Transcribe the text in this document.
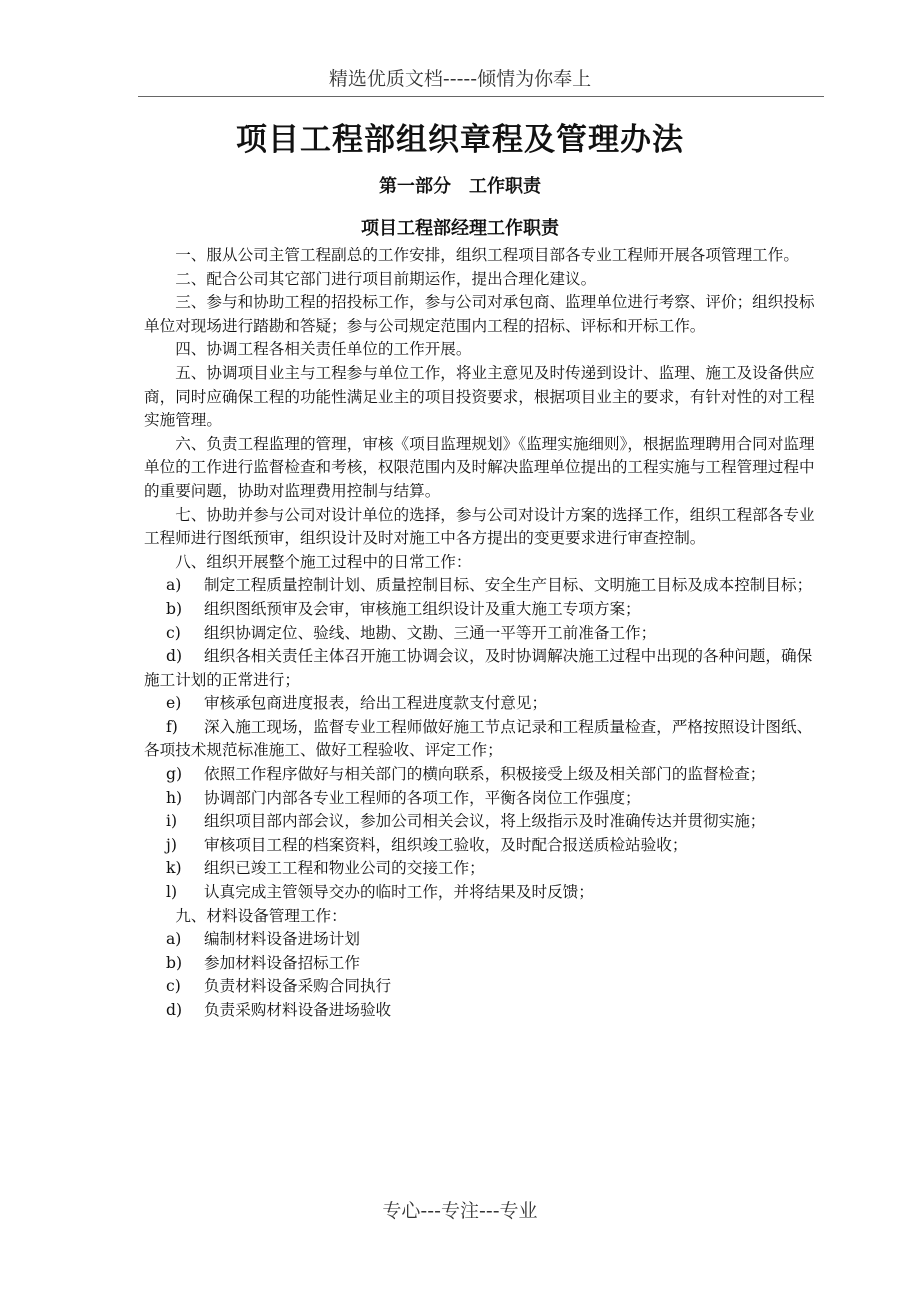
精选优质文档-----倾情为你奉上
项目工程部组织章程及管理办法
第一部分　工作职责
项目工程部经理工作职责

一、服从公司主管工程副总的工作安排，组织工程项目部各专业工程师开展各项管理工作。

二、配合公司其它部门进行项目前期运作，提出合理化建议。

三、参与和协助工程的招投标工作，参与公司对承包商、监理单位进行考察、评价；组织投标单位对现场进行踏勘和答疑；参与公司规定范围内工程的招标、评标和开标工作。

四、协调工程各相关责任单位的工作开展。

五、协调项目业主与工程参与单位工作，将业主意见及时传递到设计、监理、施工及设备供应商，同时应确保工程的功能性满足业主的项目投资要求，根据项目业主的要求，有针对性的对工程实施管理。

六、负责工程监理的管理，审核《项目监理规划》《监理实施细则》，根据监理聘用合同对监理单位的工作进行监督检查和考核，权限范围内及时解决监理单位提出的工程实施与工程管理过程中的重要问题，协助对监理费用控制与结算。

七、协助并参与公司对设计单位的选择，参与公司对设计方案的选择工作，组织工程部各专业工程师进行图纸预审，组织设计及时对施工中各方提出的变更要求进行审查控制。

八、组织开展整个施工过程中的日常工作：

a) 制定工程质量控制计划、质量控制目标、安全生产目标、文明施工目标及成本控制目标；
b) 组织图纸预审及会审，审核施工组织设计及重大施工专项方案；
c) 组织协调定位、验线、地勘、文勘、三通一平等开工前准备工作；
d) 组织各相关责任主体召开施工协调会议，及时协调解决施工过程中出现的各种问题，确保施工计划的正常进行；
e) 审核承包商进度报表，给出工程进度款支付意见；
f) 深入施工现场，监督专业工程师做好施工节点记录和工程质量检查，严格按照设计图纸、各项技术规范标准施工、做好工程验收、评定工作；
g) 依照工作程序做好与相关部门的横向联系，积极接受上级及相关部门的监督检查；
h) 协调部门内部各专业工程师的各项工作，平衡各岗位工作强度；
i) 组织项目部内部会议，参加公司相关会议，将上级指示及时准确传达并贯彻实施；
j) 审核项目工程的档案资料，组织竣工验收，及时配合报送质检站验收；
k) 组织已竣工工程和物业公司的交接工作；
l) 认真完成主管领导交办的临时工作，并将结果及时反馈；

九、材料设备管理工作：

a) 编制材料设备进场计划
b) 参加材料设备招标工作
c) 负责材料设备采购合同执行
d) 负责采购材料设备进场验收
专心---专注---专业
